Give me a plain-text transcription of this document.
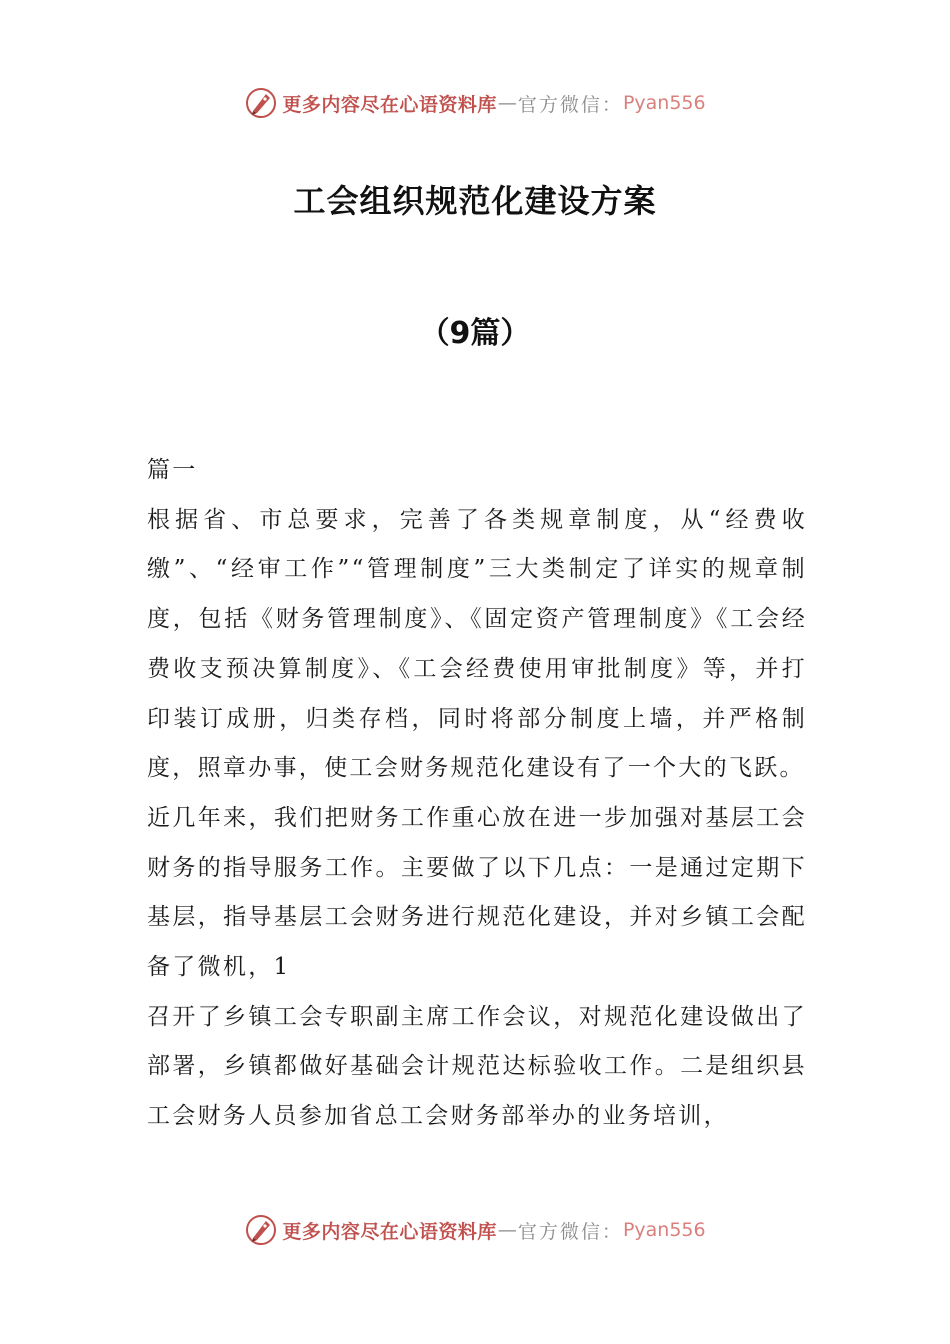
更多内容尽在心语资料库 — 官方微信： Pyan556
工会组织规范化建设方案
（9篇）

篇一

根据省、市总要求，完善了各类规章制度，从“经费收缴”、“经审工作”“管理制度”三大类制定了详实的规章制度，包括《财务管理制度》、《固定资产管理制度》《工会经费收支预决算制度》、《工会经费使用审批制度》等，并打印装订成册，归类存档，同时将部分制度上墙，并严格制度，照章办事，使工会财务规范化建设有了一个大的飞跃。

近几年来，我们把财务工作重心放在进一步加强对基层工会财务的指导服务工作。主要做了以下几点：一是通过定期下基层，指导基层工会财务进行规范化建设，并对乡镇工会配备了微机，1

召开了乡镇工会专职副主席工作会议，对规范化建设做出了部署，乡镇都做好基础会计规范达标验收工作。二是组织县工会财务人员参加省总工会财务部举办的业务培训，

更多内容尽在心语资料库 — 官方微信： Pyan556
